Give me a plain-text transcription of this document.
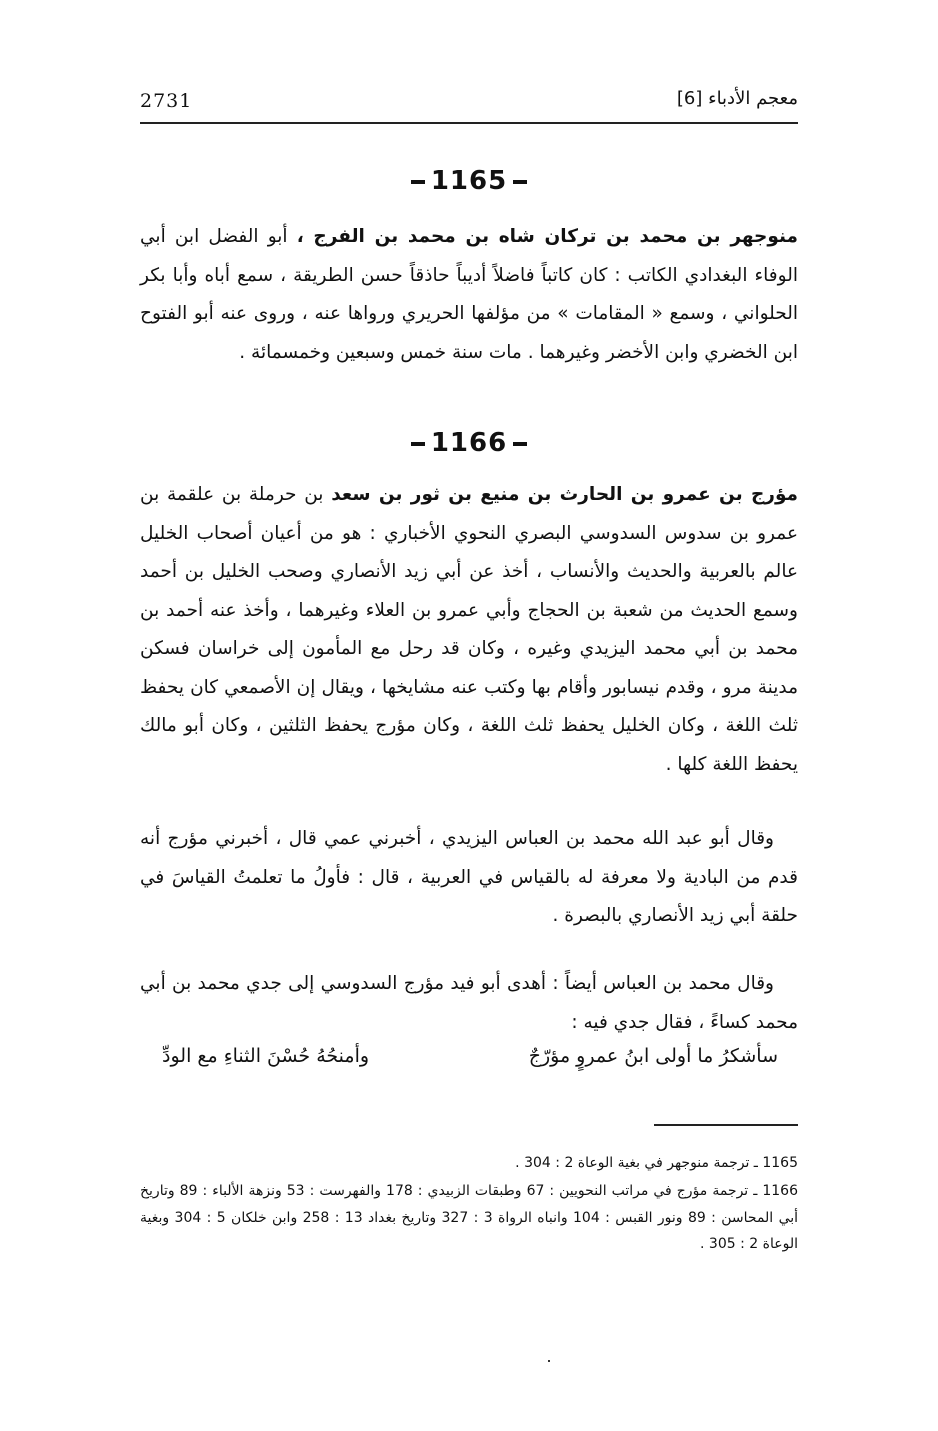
2731	معجم الأدباء [6]
1165

منوجهر بن محمد بن تركان شاه بن محمد بن الفرج ، أبو الفضل ابن أبي الوفاء البغدادي الكاتب : كان كاتباً فاضلاً أديباً حاذقاً حسن الطريقة ، سمع أباه وأبا بكر الحلواني ، وسمع « المقامات » من مؤلفها الحريري ورواها عنه ، وروى عنه أبو الفتوح ابن الخضري وابن الأخضر وغيرهما . مات سنة خمس وسبعين وخمسمائة .

1166

مؤرج بن عمرو بن الحارث بن منيع بن ثور بن سعد بن حرملة بن علقمة بن عمرو بن سدوس السدوسي البصري النحوي الأخباري : هو من أعيان أصحاب الخليل عالم بالعربية والحديث والأنساب ، أخذ عن أبي زيد الأنصاري وصحب الخليل بن أحمد وسمع الحديث من شعبة بن الحجاج وأبي عمرو بن العلاء وغيرهما ، وأخذ عنه أحمد بن محمد بن أبي محمد اليزيدي وغيره ، وكان قد رحل مع المأمون إلى خراسان فسكن مدينة مرو ، وقدم نيسابور وأقام بها وكتب عنه مشايخها ، ويقال إن الأصمعي كان يحفظ ثلث اللغة ، وكان الخليل يحفظ ثلث اللغة ، وكان مؤرج يحفظ الثلثين ، وكان أبو مالك يحفظ اللغة كلها .

وقال أبو عبد الله محمد بن العباس اليزيدي ، أخبرني عمي قال ، أخبرني مؤرج أنه قدم من البادية ولا معرفة له بالقياس في العربية ، قال : فأولُ ما تعلمتُ القياسَ في حلقة أبي زيد الأنصاري بالبصرة .

وقال محمد بن العباس أيضاً : أهدى أبو فيد مؤرج السدوسي إلى جدي محمد بن أبي محمد كساءً ، فقال جدي فيه :

سأشكرُ ما أولى ابنُ عمروٍ مؤرّجٌ
وأمنحُهُ حُسْنَ الثناءِ مع الودِّ

1165 ـ ترجمة منوجهر في بغية الوعاة 2 : 304 .

1166 ـ ترجمة مؤرج في مراتب النحويين : 67 وطبقات الزبيدي : 178 والفهرست : 53 ونزهة الألباء : 89 وتاريخ أبي المحاسن : 89 ونور القبس : 104 وانباه الرواة 3 : 327 وتاريخ بغداد 13 : 258 وابن خلكان 5 : 304 وبغية الوعاة 2 : 305 .
